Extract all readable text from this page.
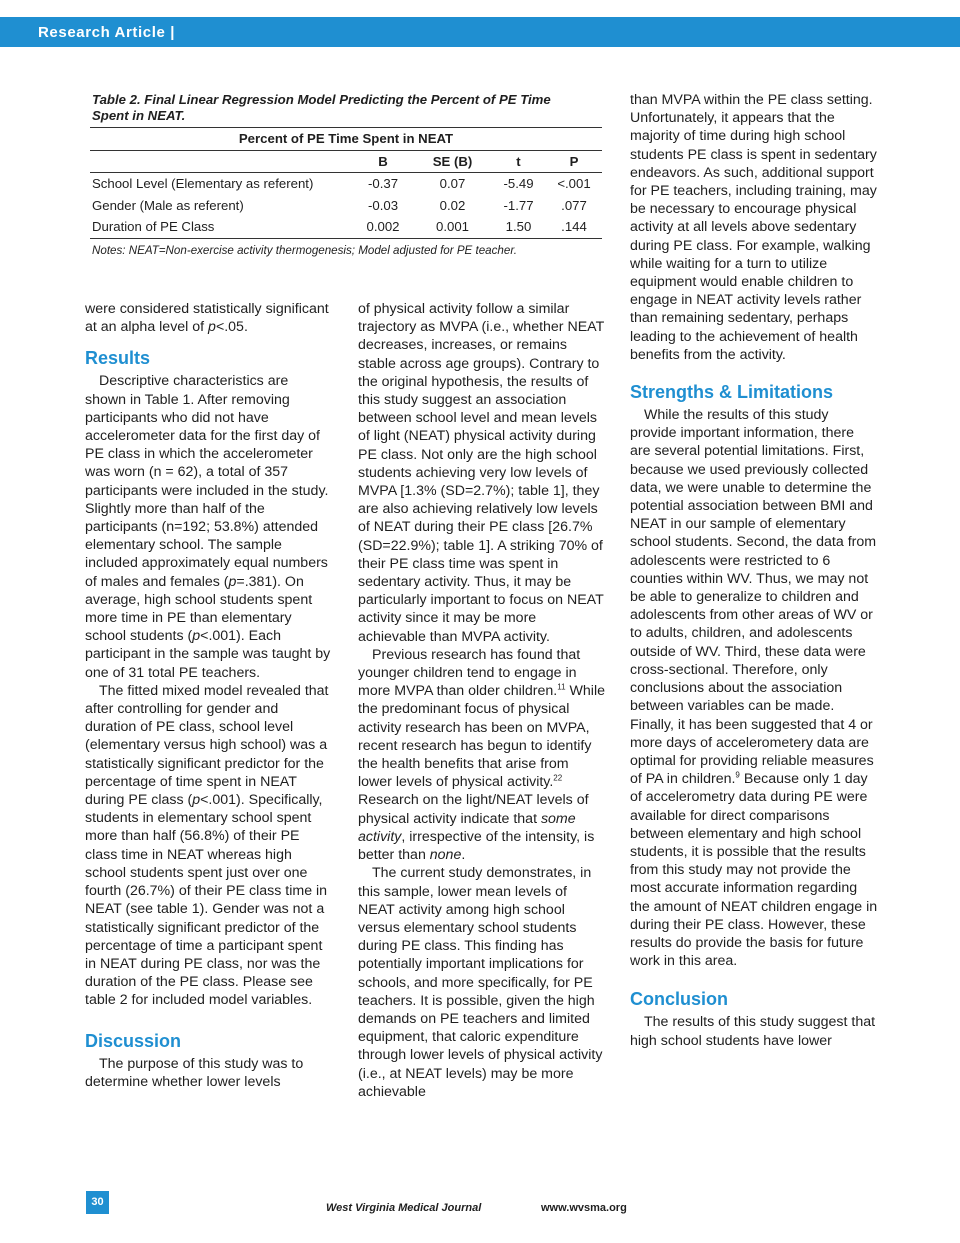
Research Article |
Table 2. Final Linear Regression Model Predicting the Percent of PE Time
Spent in NEAT.
Percent of PE Time Spent in NEAT				
	B	SE (B)	t	P
School Level (Elementary as referent)	-0.37	0.07	-5.49	<.001
Gender (Male as referent)	-0.03	0.02	-1.77	.077
Duration of PE Class	0.002	0.001	1.50	.144
Notes: NEAT=Non-exercise activity thermogenesis; Model adjusted for PE teacher.

were considered statistically significant at an alpha level of p<.05.

Results

Descriptive characteristics are shown in Table 1. After removing participants who did not have accelerometer data for the first day of PE class in which the accelerometer was worn (n = 62), a total of 357 participants were included in the study. Slightly more than half of the participants (n=192; 53.8%) attended elementary school. The sample included approximately equal numbers of males and females (p=.381). On average, high school students spent more time in PE than elementary school students (p<.001). Each participant in the sample was taught by one of 31 total PE teachers.

The fitted mixed model revealed that after controlling for gender and duration of PE class, school level (elementary versus high school) was a statistically significant predictor for the percentage of time spent in NEAT during PE class (p<.001). Specifically, students in elementary school spent more than half (56.8%) of their PE class time in NEAT whereas high school students spent just over one fourth (26.7%) of their PE class time in NEAT (see table 1). Gender was not a statistically significant predictor of the percentage of time a participant spent in NEAT during PE class, nor was the duration of the PE class. Please see table 2 for included model variables.

Discussion

The purpose of this study was to determine whether lower levels

of physical activity follow a similar trajectory as MVPA (i.e., whether NEAT decreases, increases, or remains stable across age groups). Contrary to the original hypothesis, the results of this study suggest an association between school level and mean levels of light (NEAT) physical activity during PE class. Not only are the high school students achieving very low levels of MVPA [1.3% (SD=2.7%); table 1], they are also achieving relatively low levels of NEAT during their PE class [26.7% (SD=22.9%); table 1]. A striking 70% of their PE class time was spent in sedentary activity. Thus, it may be particularly important to focus on NEAT activity since it may be more achievable than MVPA activity.

Previous research has found that younger children tend to engage in more MVPA than older children.$^{11}$ While the predominant focus of physical activity research has been on MVPA, recent research has begun to identify the health benefits that arise from lower levels of physical activity.$^{22}$ Research on the light/NEAT levels of physical activity indicate that some activity, irrespective of the intensity, is better than none.

The current study demonstrates, in this sample, lower mean levels of NEAT activity among high school versus elementary school students during PE class. This finding has potentially important implications for schools, and more specifically, for PE teachers. It is possible, given the high demands on PE teachers and limited equipment, that caloric expenditure through lower levels of physical activity (i.e., at NEAT levels) may be more achievable

than MVPA within the PE class setting. Unfortunately, it appears that the majority of time during high school students PE class is spent in sedentary endeavors. As such, additional support for PE teachers, including training, may be necessary to encourage physical activity at all levels above sedentary during PE class. For example, walking while waiting for a turn to utilize equipment would enable children to engage in NEAT activity levels rather than remaining sedentary, perhaps leading to the achievement of health benefits from the activity.

Strengths & Limitations

While the results of this study provide important information, there are several potential limitations. First, because we used previously collected data, we were unable to determine the potential association between BMI and NEAT in our sample of elementary school students. Second, the data from adolescents were restricted to 6 counties within WV. Thus, we may not be able to generalize to children and adolescents from other areas of WV or to adults, children, and adolescents outside of WV. Third, these data were cross-sectional. Therefore, only conclusions about the association between variables can be made. Finally, it has been suggested that 4 or more days of accelerometery data are optimal for providing reliable measures of PA in children.$^9$ Because only 1 day of accelerometry data during PE were available for direct comparisons between elementary and high school students, it is possible that the results from this study may not provide the most accurate information regarding the amount of NEAT children engage in during their PE class. However, these results do provide the basis for future work in this area.

Conclusion

The results of this study suggest that high school students have lower

30	West Virginia Medical Journal	www.wvsma.org
